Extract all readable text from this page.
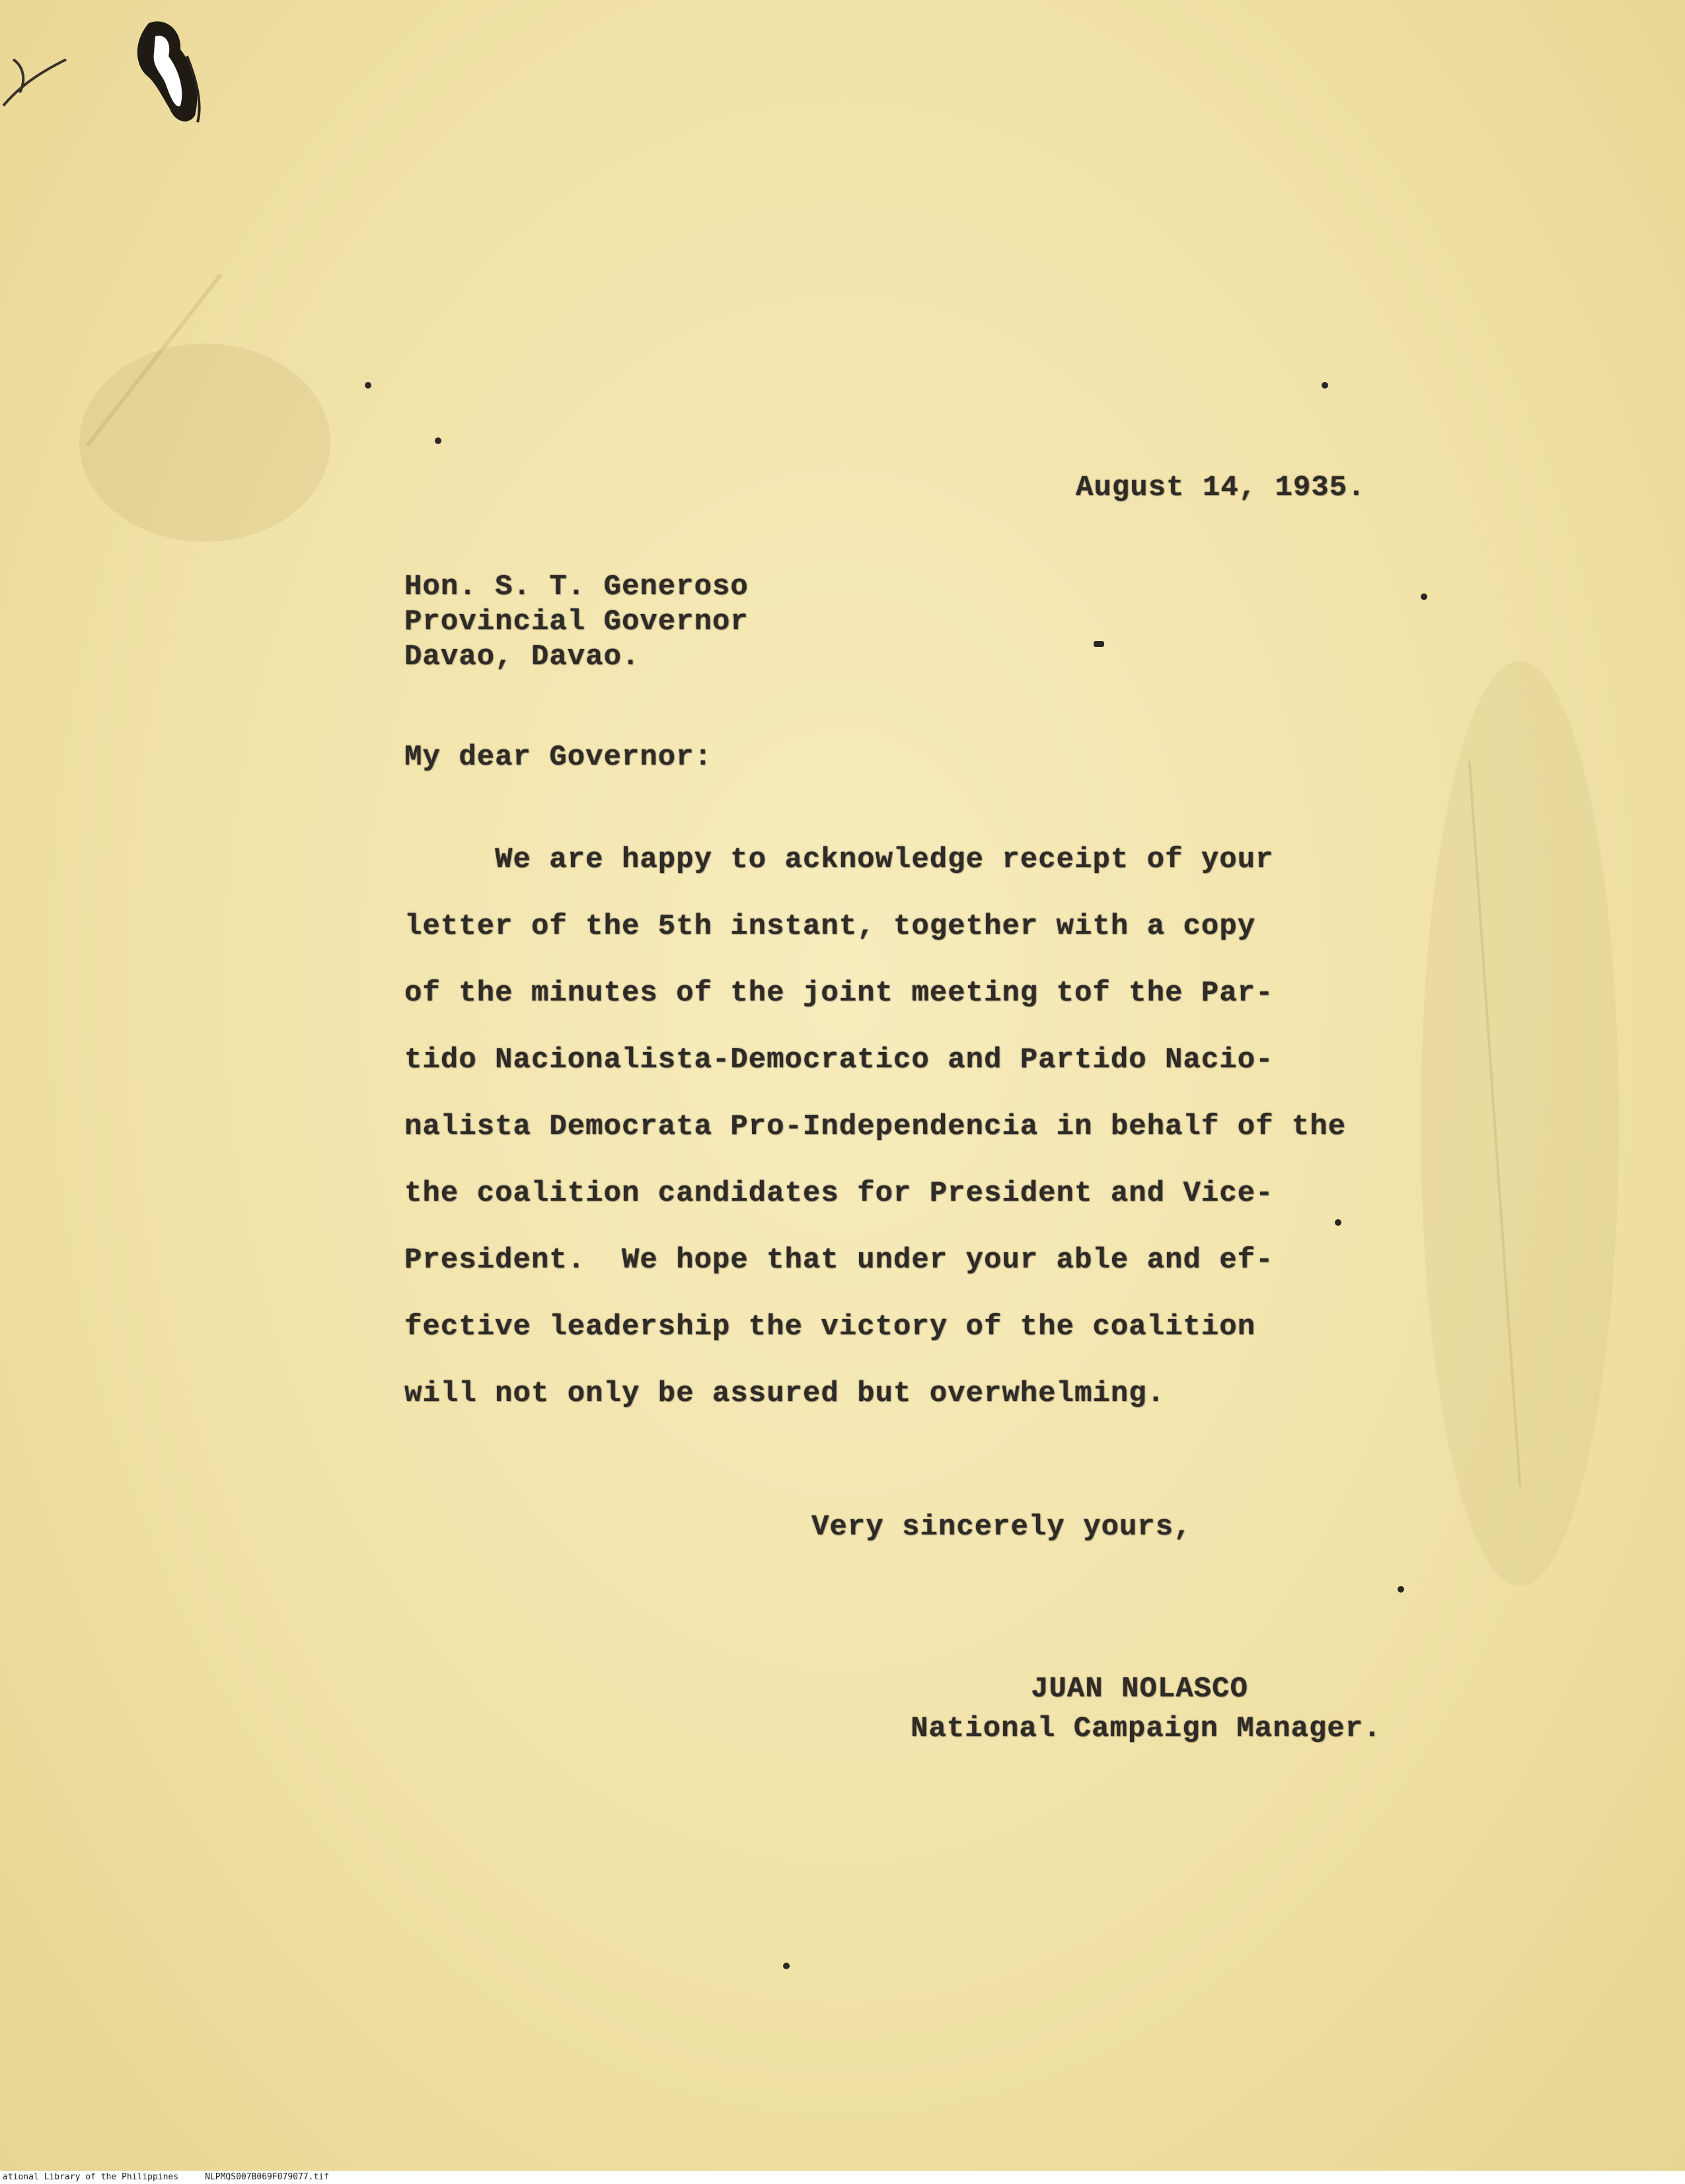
August 14, 1935.
Hon. S. T. Generoso
Provincial Governor
Davao, Davao.
My dear Governor:
We are happy to acknowledge receipt of your
letter of the 5th instant, together with a copy
of the minutes of the joint meeting tof the Par-
tido Nacionalista-Democratico and Partido Nacio-
nalista Democrata Pro-Independencia in behalf of the
the coalition candidates for President and Vice-
President.  We hope that under your able and ef-
fective leadership the victory of the coalition
will not only be assured but overwhelming.
Very sincerely yours,
JUAN NOLASCO
National Campaign Manager.
ational Library of the Philippines	NLPMQS007B069F079077.tif
